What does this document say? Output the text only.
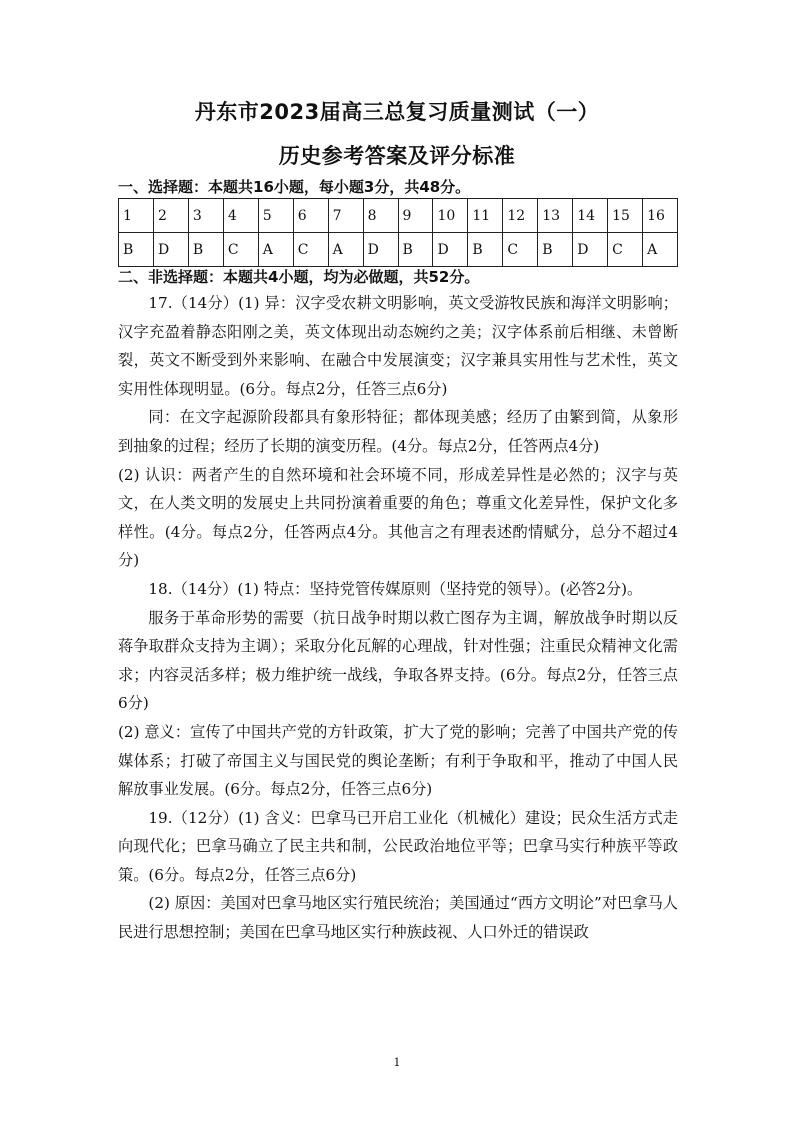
丹东市2023届高三总复习质量测试（一）
历史参考答案及评分标准
一、选择题：本题共16小题，每小题3分，共48分。
1	2	3	4	5	6	7	8	9	10	11	12	13	14	15	16
B	D	B	C	A	C	A	D	B	D	B	C	B	D	C	A
二、非选择题：本题共4小题，均为必做题，共52分。

17.（14分）(1) 异：汉字受农耕文明影响，英文受游牧民族和海洋文明影响；汉字充盈着静态阳刚之美，英文体现出动态婉约之美；汉字体系前后相继、未曾断裂，英文不断受到外来影响、在融合中发展演变；汉字兼具实用性与艺术性，英文实用性体现明显。(6分。每点2分，任答三点6分)

同：在文字起源阶段都具有象形特征；都体现美感；经历了由繁到简，从象形到抽象的过程；经历了长期的演变历程。(4分。每点2分，任答两点4分)

(2) 认识：两者产生的自然环境和社会环境不同，形成差异性是必然的；汉字与英文，在人类文明的发展史上共同扮演着重要的角色；尊重文化差异性，保护文化多样性。(4分。每点2分，任答两点4分。其他言之有理表述酌情赋分，总分不超过4分)

18.（14分）(1) 特点：坚持党管传媒原则（坚持党的领导）。(必答2分)。

服务于革命形势的需要（抗日战争时期以救亡图存为主调，解放战争时期以反蒋争取群众支持为主调）；采取分化瓦解的心理战，针对性强；注重民众精神文化需求；内容灵活多样；极力维护统一战线，争取各界支持。(6分。每点2分，任答三点6分)

(2) 意义：宣传了中国共产党的方针政策，扩大了党的影响；完善了中国共产党的传媒体系；打破了帝国主义与国民党的舆论垄断；有利于争取和平，推动了中国人民解放事业发展。(6分。每点2分，任答三点6分)

19.（12分）(1) 含义：巴拿马已开启工业化（机械化）建设；民众生活方式走向现代化；巴拿马确立了民主共和制，公民政治地位平等；巴拿马实行种族平等政策。(6分。每点2分，任答三点6分)

(2) 原因：美国对巴拿马地区实行殖民统治；美国通过“西方文明论”对巴拿马人民进行思想控制；美国在巴拿马地区实行种族歧视、人口外迁的错误政

1
